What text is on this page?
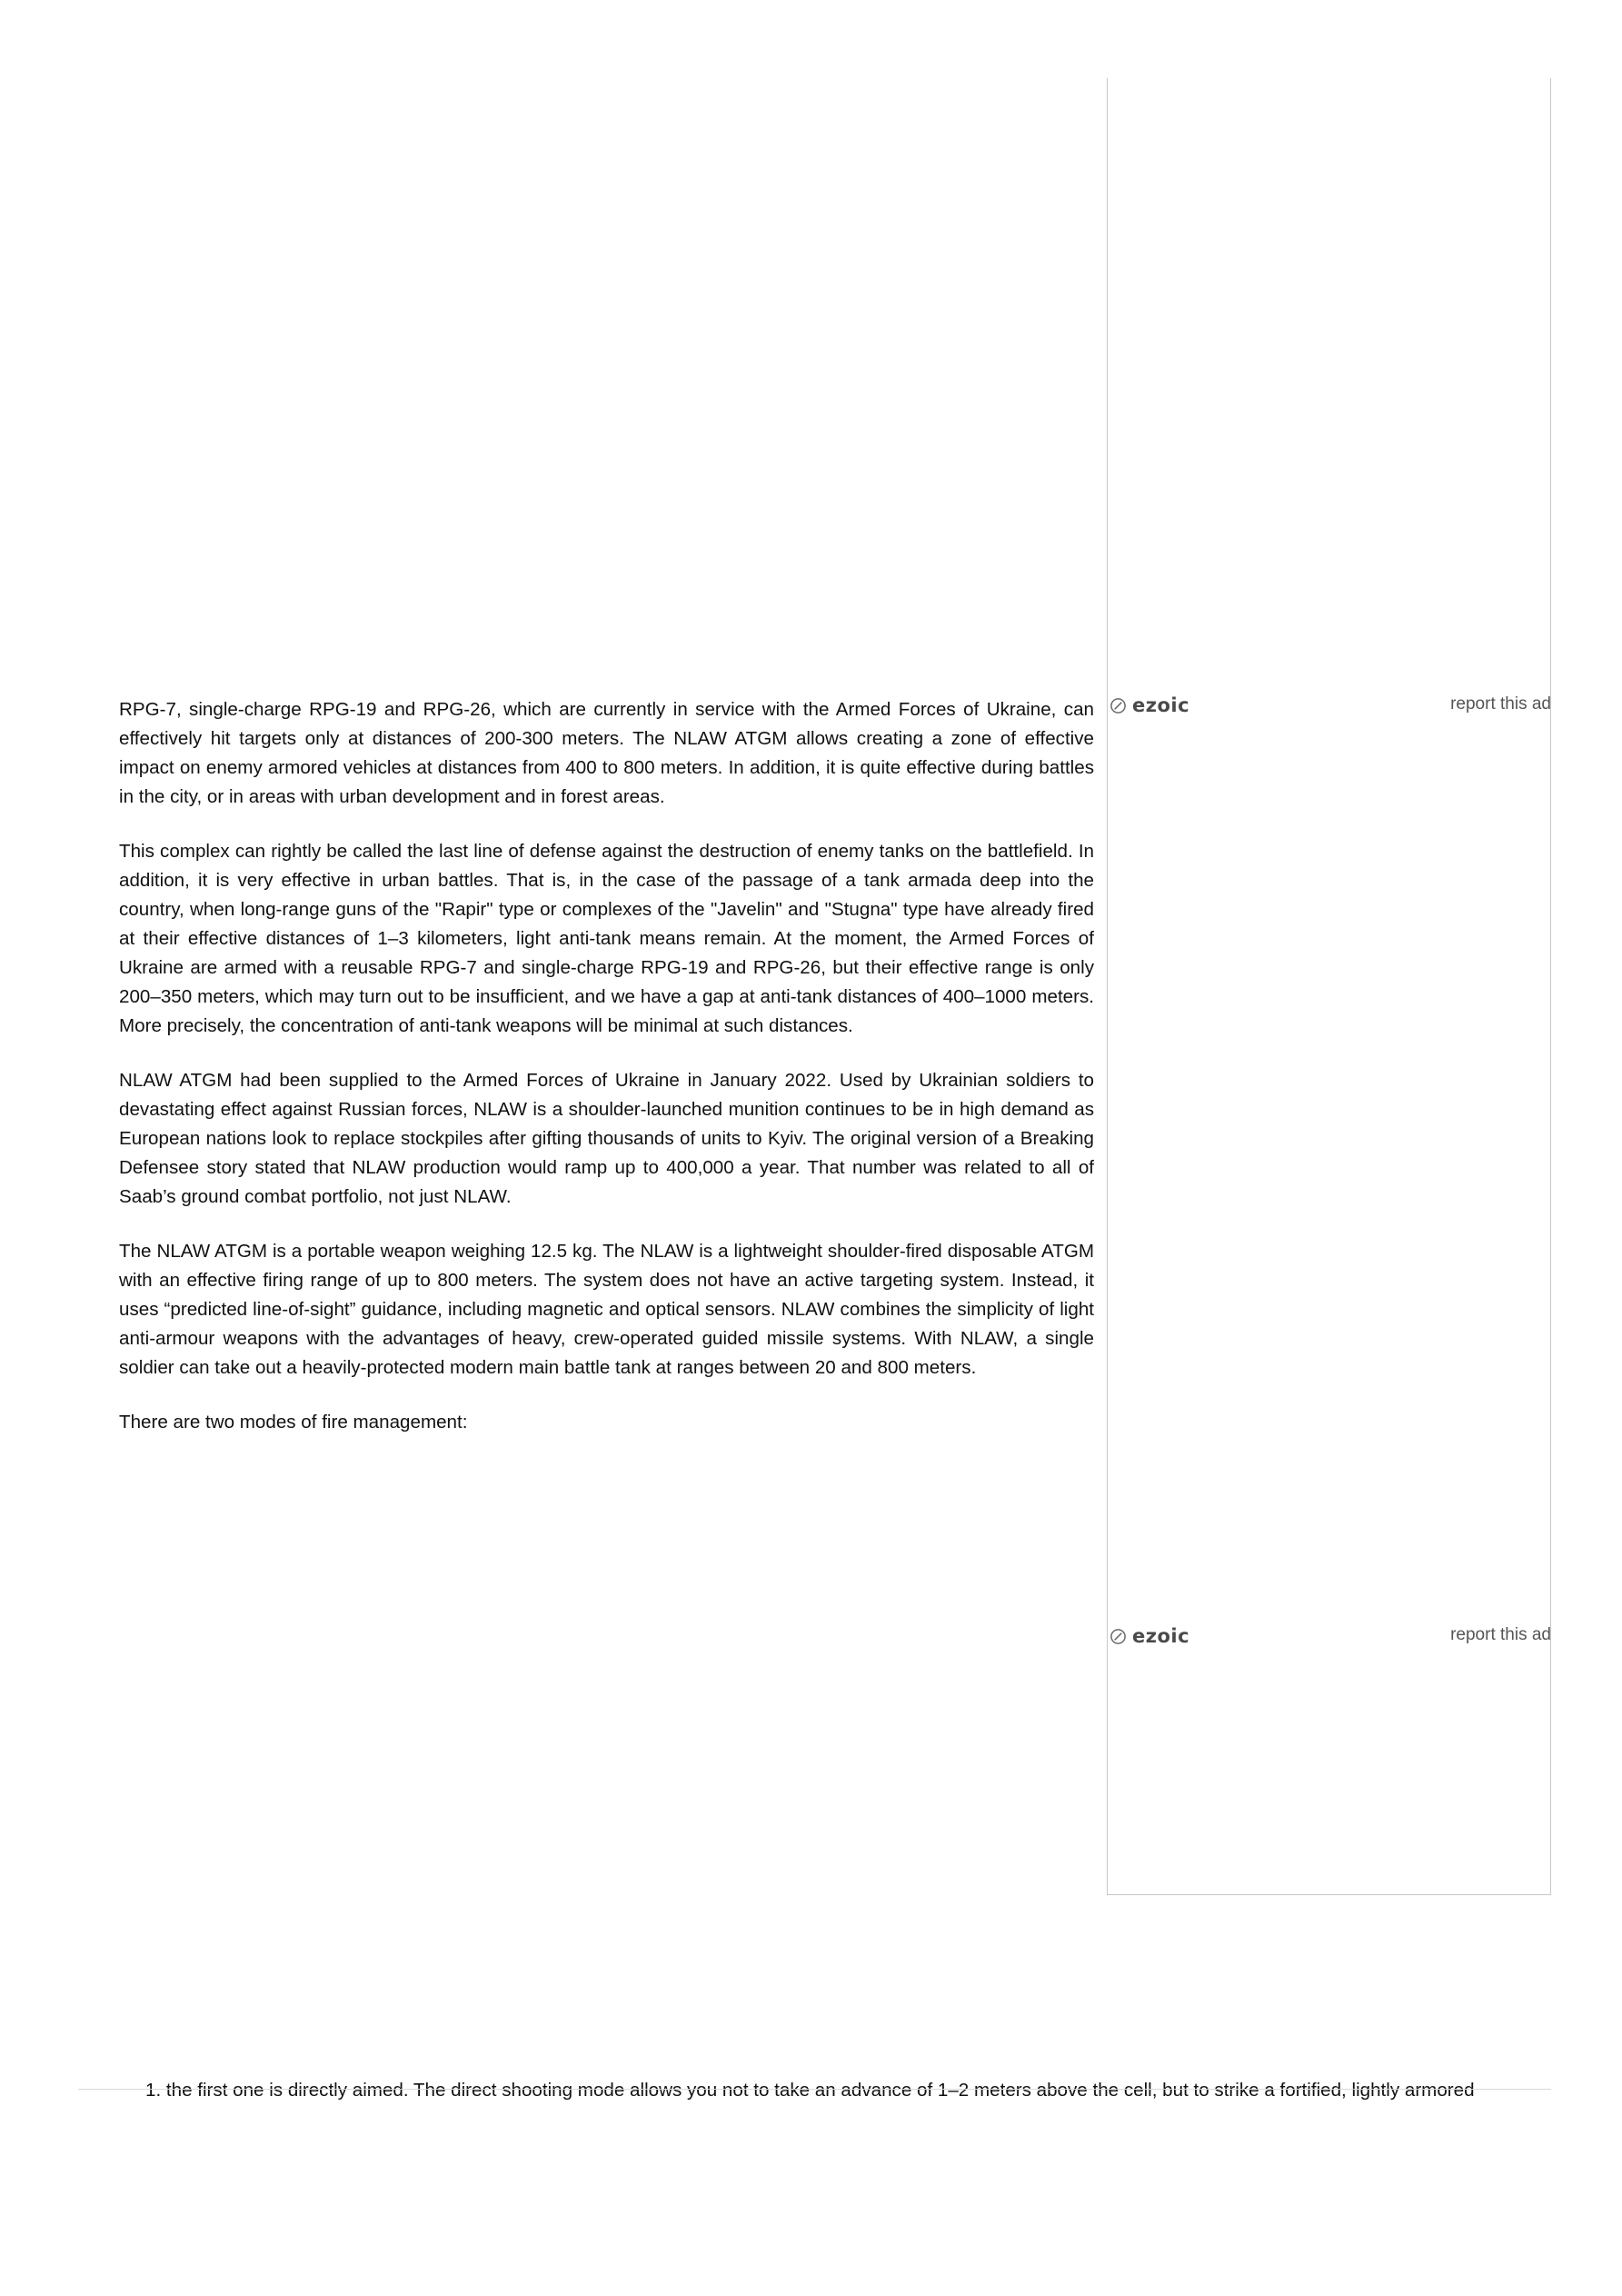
RPG-7, single-charge RPG-19 and RPG-26, which are currently in service with the Armed Forces of Ukraine, can effectively hit targets only at distances of 200-300 meters. The NLAW ATGM allows creating a zone of effective impact on enemy armored vehicles at distances from 400 to 800 meters. In addition, it is quite effective during battles in the city, or in areas with urban development and in forest areas.

This complex can rightly be called the last line of defense against the destruction of enemy tanks on the battlefield. In addition, it is very effective in urban battles. That is, in the case of the passage of a tank armada deep into the country, when long-range guns of the "Rapir" type or complexes of the "Javelin" and "Stugna" type have already fired at their effective distances of 1–3 kilometers, light anti-tank means remain. At the moment, the Armed Forces of Ukraine are armed with a reusable RPG-7 and single-charge RPG-19 and RPG-26, but their effective range is only 200–350 meters, which may turn out to be insufficient, and we have a gap at anti-tank distances of 400–1000 meters. More precisely, the concentration of anti-tank weapons will be minimal at such distances.

NLAW ATGM had been supplied to the Armed Forces of Ukraine in January 2022. Used by Ukrainian soldiers to devastating effect against Russian forces, NLAW is a shoulder-launched munition continues to be in high demand as European nations look to replace stockpiles after gifting thousands of units to Kyiv. The original version of a Breaking Defensee story stated that NLAW production would ramp up to 400,000 a year. That number was related to all of Saab’s ground combat portfolio, not just NLAW.

The NLAW ATGM is a portable weapon weighing 12.5 kg. The NLAW is a lightweight shoulder-fired disposable ATGM with an effective firing range of up to 800 meters. The system does not have an active targeting system. Instead, it uses “predicted line-of-sight” guidance, including magnetic and optical sensors. NLAW combines the simplicity of light anti-armour weapons with the advantages of heavy, crew-operated guided missile systems. With NLAW, a single soldier can take out a heavily-protected modern main battle tank at ranges between 20 and 800 meters.

There are two modes of fire management:

ezoic	report this ad
ezoic	report this ad
1. the first one is directly aimed. The direct shooting mode allows you not to take an advance of 1–2 meters above the cell, but to strike a fortified, lightly armored
